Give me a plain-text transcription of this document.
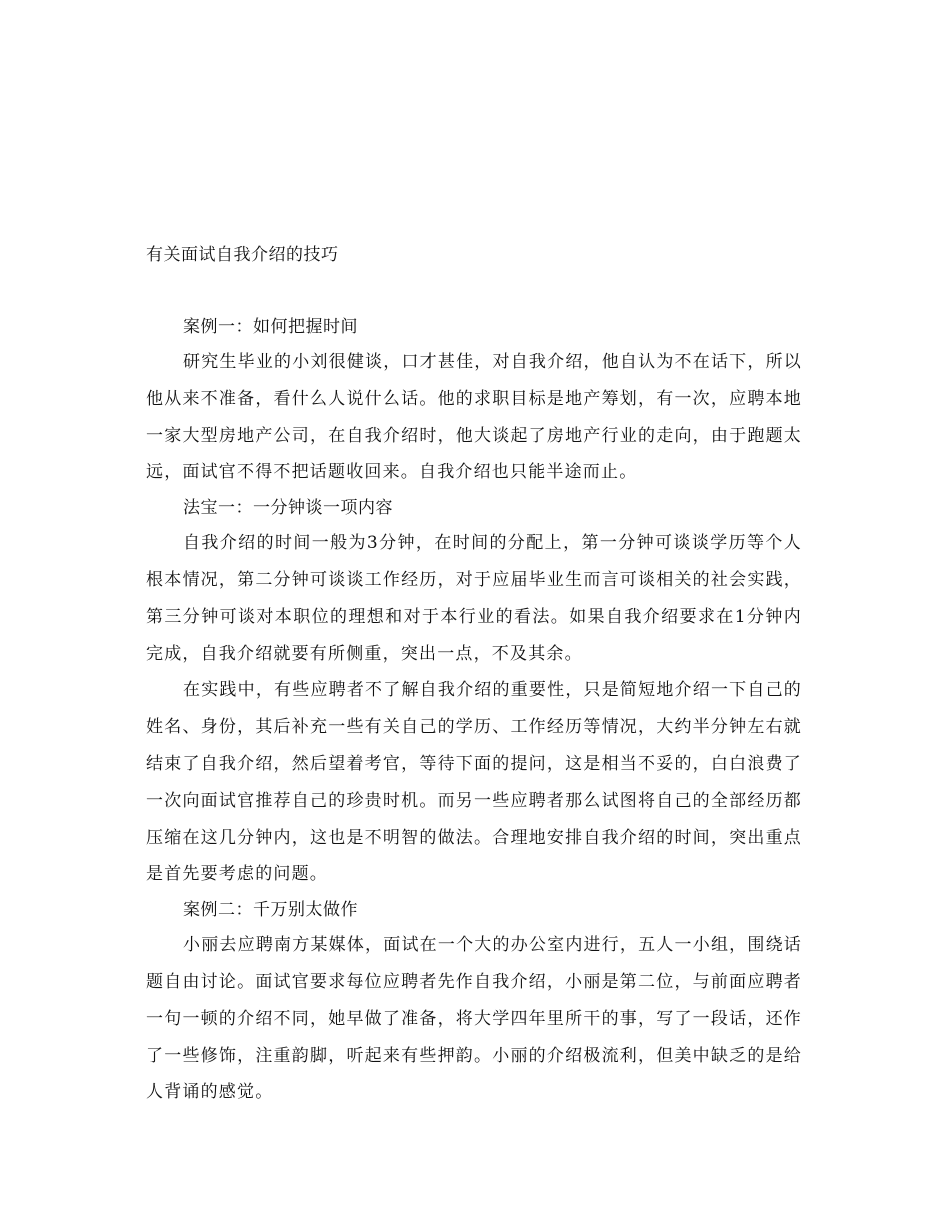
有关面试自我介绍的技巧

案例一：如何把握时间

研究生毕业的小刘很健谈，口才甚佳，对自我介绍，他自认为不在话下，所以他从来不准备，看什么人说什么话。他的求职目标是地产筹划，有一次，应聘本地一家大型房地产公司，在自我介绍时，他大谈起了房地产行业的走向，由于跑题太远，面试官不得不把话题收回来。自我介绍也只能半途而止。

法宝一：一分钟谈一项内容

自我介绍的时间一般为3分钟，在时间的分配上，第一分钟可谈谈学历等个人根本情况，第二分钟可谈谈工作经历，对于应届毕业生而言可谈相关的社会实践，第三分钟可谈对本职位的理想和对于本行业的看法。如果自我介绍要求在1分钟内完成，自我介绍就要有所侧重，突出一点，不及其余。

在实践中，有些应聘者不了解自我介绍的重要性，只是简短地介绍一下自己的姓名、身份，其后补充一些有关自己的学历、工作经历等情况，大约半分钟左右就结束了自我介绍，然后望着考官，等待下面的提问，这是相当不妥的，白白浪费了一次向面试官推荐自己的珍贵时机。而另一些应聘者那么试图将自己的全部经历都压缩在这几分钟内，这也是不明智的做法。合理地安排自我介绍的时间，突出重点是首先要考虑的问题。

案例二：千万别太做作

小丽去应聘南方某媒体，面试在一个大的办公室内进行，五人一小组，围绕话题自由讨论。面试官要求每位应聘者先作自我介绍，小丽是第二位，与前面应聘者一句一顿的介绍不同，她早做了准备，将大学四年里所干的事，写了一段话，还作了一些修饰，注重韵脚，听起来有些押韵。小丽的介绍极流利，但美中缺乏的是给人背诵的感觉。
